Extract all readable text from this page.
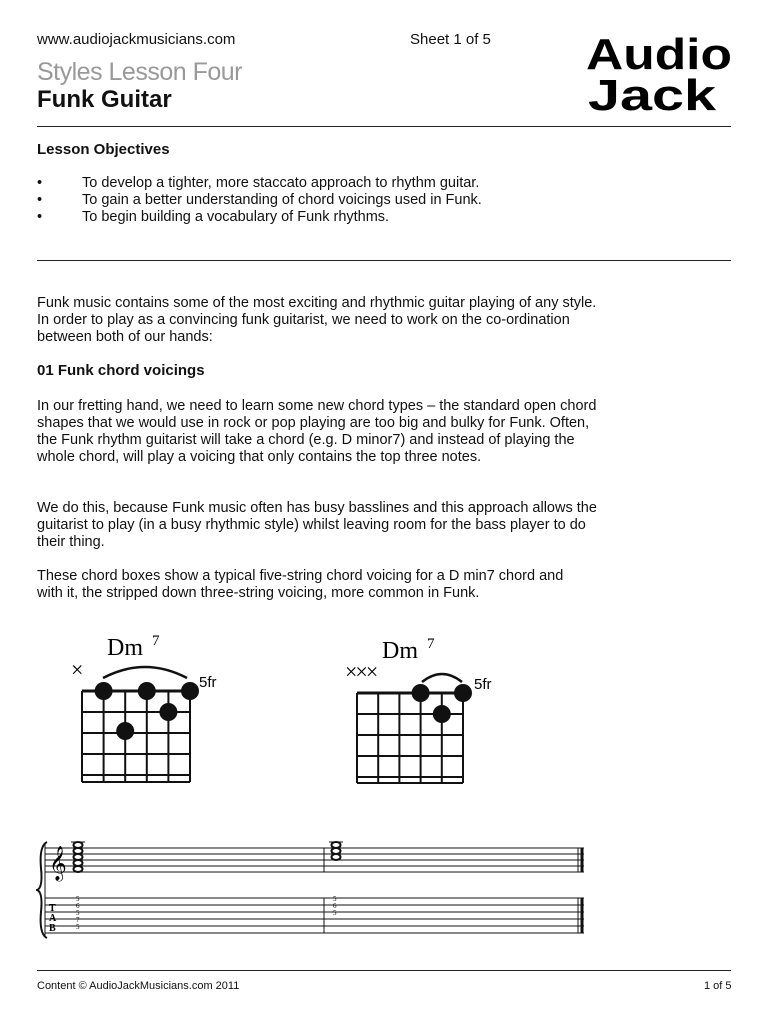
www.audiojackmusicians.com	Sheet 1 of 5
Styles Lesson Four
Funk Guitar
Audio
Jack
Lesson Objectives
•	To develop a tighter, more staccato approach to rhythm guitar.
•	To gain a better understanding of chord voicings used in Funk.
•	To begin building a vocabulary of Funk rhythms.

Funk music contains some of the most exciting and rhythmic guitar playing of any style. In order to play as a convincing funk guitarist, we need to work on the co-ordination between both of our hands:

01 Funk chord voicings

In our fretting hand, we need to learn some new chord types – the standard open chord shapes that we would use in rock or pop playing are too big and bulky for Funk. Often, the Funk rhythm guitarist will take a chord (e.g. D minor7) and instead of playing the whole chord, will play a voicing that only contains the top three notes.

We do this, because Funk music often has busy basslines and this approach allows the guitarist to play (in a busy rhythmic style) whilst leaving room for the bass player to do their thing.

These chord boxes show a typical five-string chord voicing for a D min7 chord and with it, the stripped down three-string voicing, more common in Funk.

Dm 7
×
5fr
Dm 7
×××
5fr
𝄞
T
A
B
5
6
5
7
5
5
6
5
Content © AudioJackMusicians.com 2011	1 of 5
